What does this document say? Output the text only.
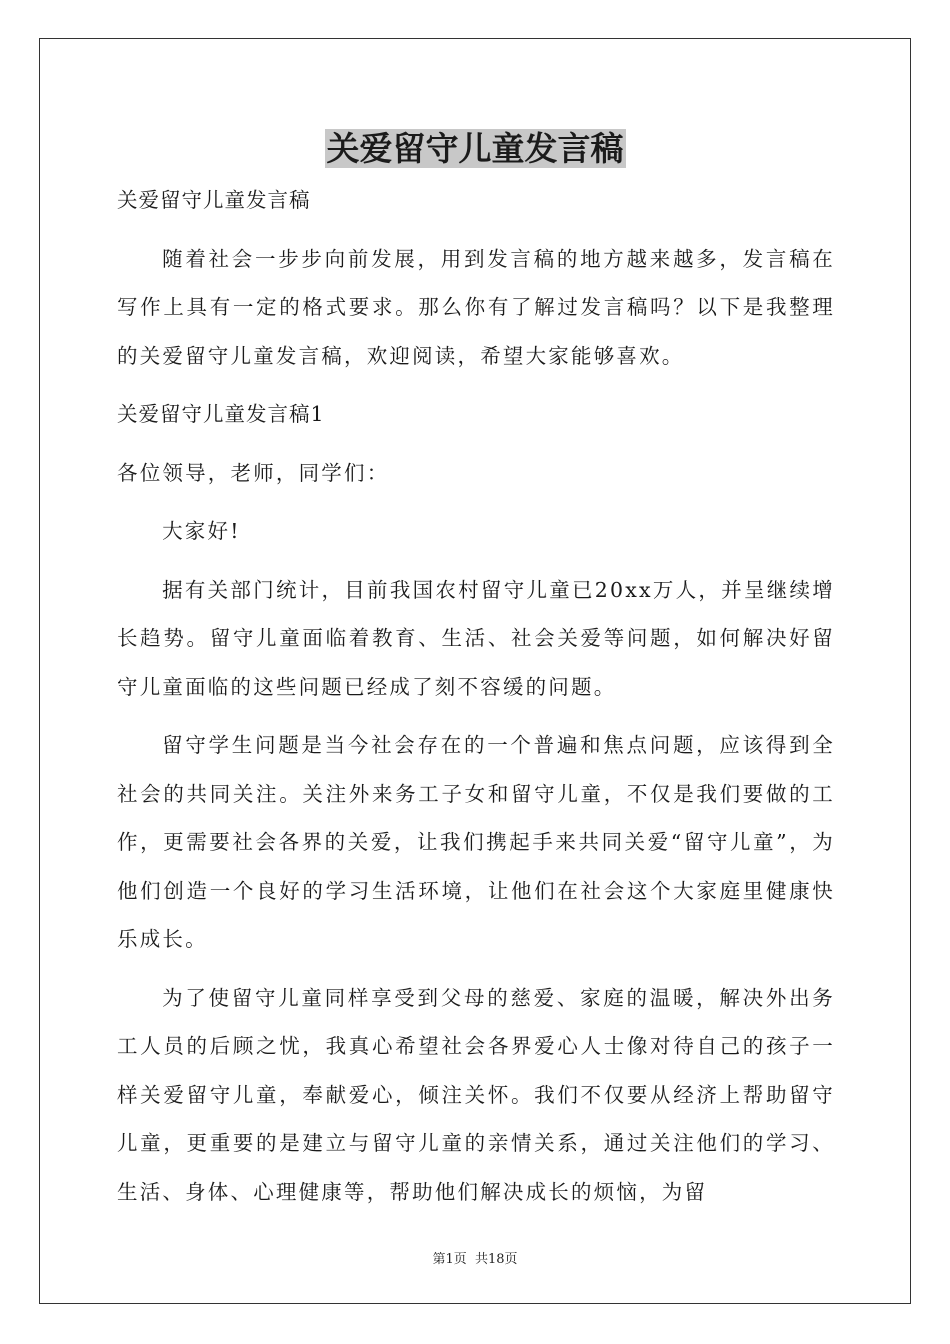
关爱留守儿童发言稿

关爱留守儿童发言稿

随着社会一步步向前发展，用到发言稿的地方越来越多，发言稿在写作上具有一定的格式要求。那么你有了解过发言稿吗？以下是我整理的关爱留守儿童发言稿，欢迎阅读，希望大家能够喜欢。

关爱留守儿童发言稿1

各位领导，老师，同学们：

大家好!

据有关部门统计，目前我国农村留守儿童已20xx万人，并呈继续增长趋势。留守儿童面临着教育、生活、社会关爱等问题，如何解决好留守儿童面临的这些问题已经成了刻不容缓的问题。

留守学生问题是当今社会存在的一个普遍和焦点问题，应该得到全社会的共同关注。关注外来务工子女和留守儿童，不仅是我们要做的工作，更需要社会各界的关爱，让我们携起手来共同关爱“留守儿童”，为他们创造一个良好的学习生活环境，让他们在社会这个大家庭里健康快乐成长。

为了使留守儿童同样享受到父母的慈爱、家庭的温暖，解决外出务工人员的后顾之忧，我真心希望社会各界爱心人士像对待自己的孩子一样关爱留守儿童，奉献爱心，倾注关怀。我们不仅要从经济上帮助留守儿童，更重要的是建立与留守儿童的亲情关系，通过关注他们的学习、生活、身体、心理健康等，帮助他们解决成长的烦恼，为留

第1页 共18页
